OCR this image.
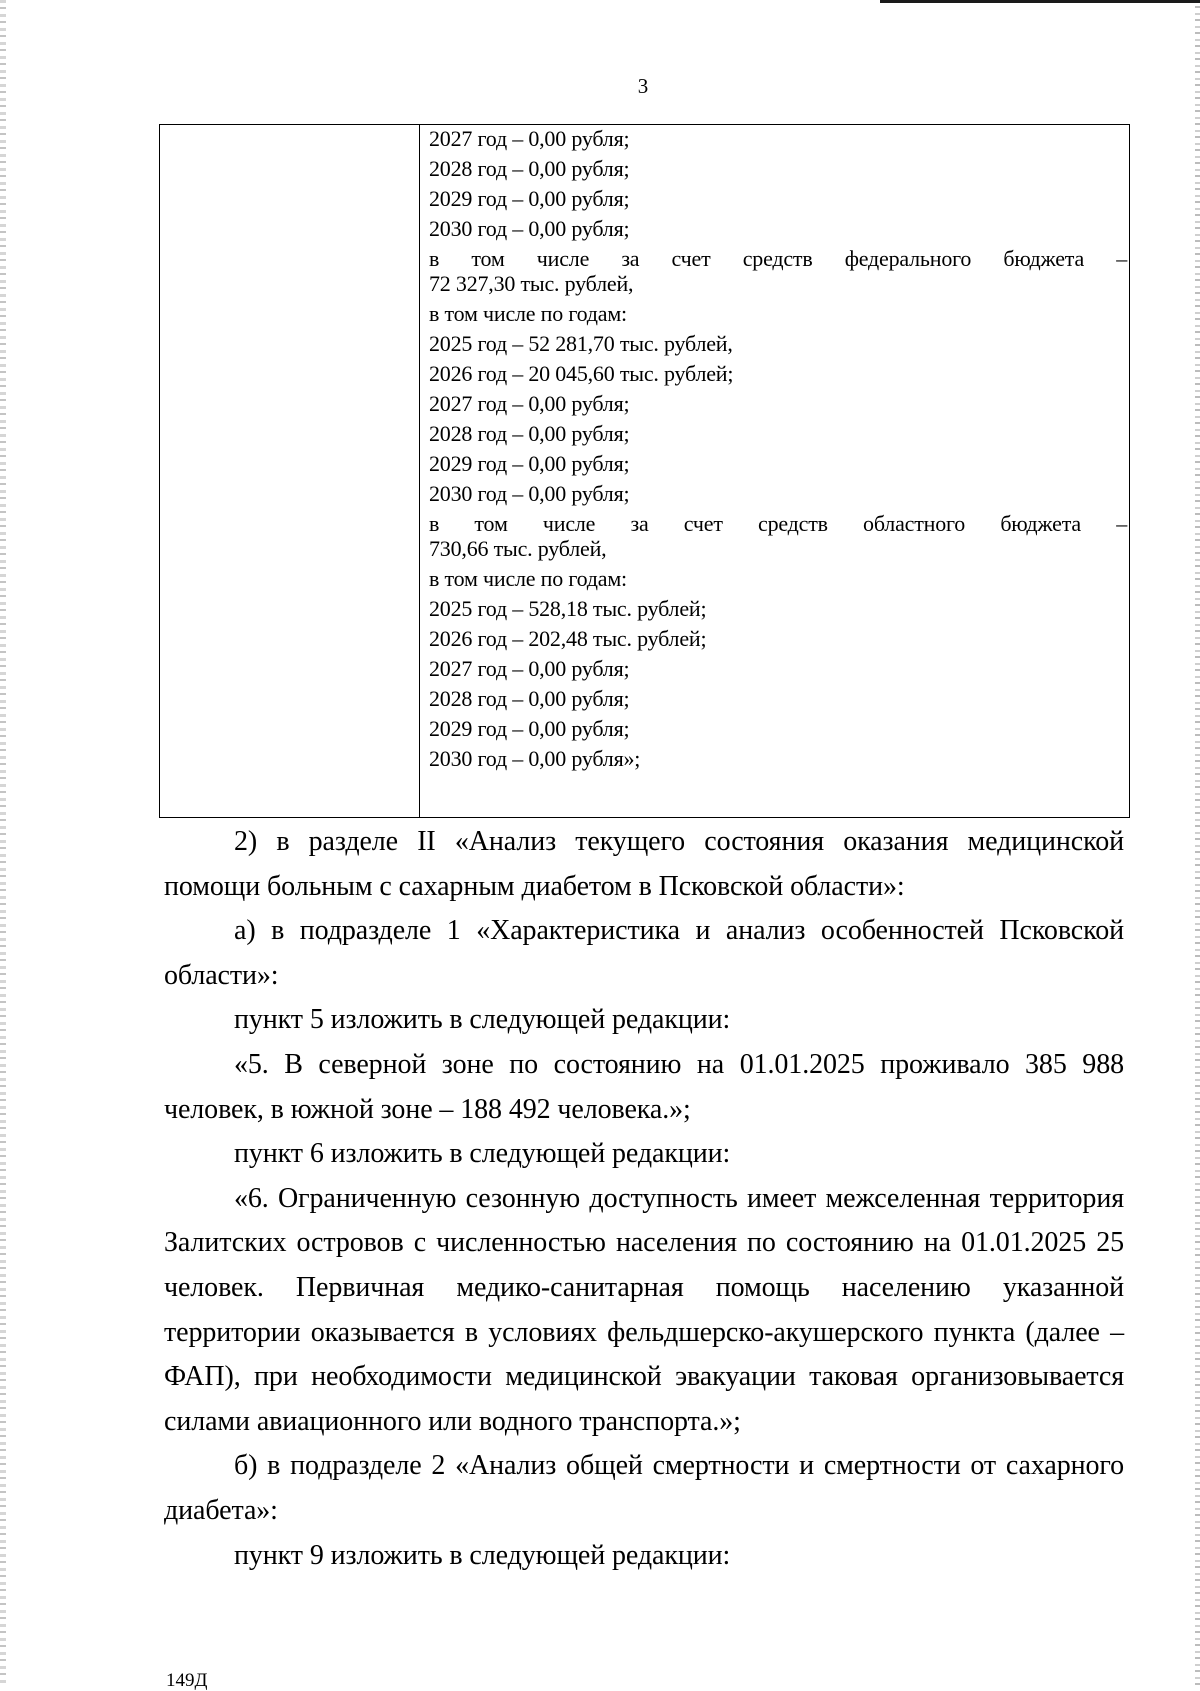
3

2027 год – 0,00 рубля;
2028 год – 0,00 рубля;
2029 год – 0,00 рубля;
2030 год – 0,00 рубля;
в том числе за счет средств федерального бюджета –
72 327,30 тыс. рублей,
в том числе по годам:
2025 год – 52 281,70 тыс. рублей,
2026 год – 20 045,60 тыс. рублей;
2027 год – 0,00 рубля;
2028 год – 0,00 рубля;
2029 год – 0,00 рубля;
2030 год – 0,00 рубля;
в том числе за счет средств областного бюджета –
730,66 тыс. рублей,
в том числе по годам:
2025 год – 528,18 тыс. рублей;
2026 год – 202,48 тыс. рублей;
2027 год – 0,00 рубля;
2028 год – 0,00 рубля;
2029 год – 0,00 рубля;
2030 год – 0,00 рубля»;

2) в разделе II «Анализ текущего состояния оказания медицинской помощи больным с сахарным диабетом в Псковской области»:

а) в подразделе 1 «Характеристика и анализ особенностей Псковской области»:

пункт 5 изложить в следующей редакции:

«5. В северной зоне по состоянию на 01.01.2025 проживало 385 988 человек, в южной зоне – 188 492 человека.»;

пункт 6 изложить в следующей редакции:

«6. Ограниченную сезонную доступность имеет межселенная территория Залитских островов с численностью населения по состоянию на 01.01.2025 25 человек. Первичная медико-санитарная помощь населению указанной территории оказывается в условиях фельдшерско-акушерского пункта (далее – ФАП), при необходимости медицинской эвакуации таковая организовывается силами авиационного или водного транспорта.»;

б) в подразделе 2 «Анализ общей смертности и смертности от сахарного диабета»:

пункт 9 изложить в следующей редакции:

149Д
